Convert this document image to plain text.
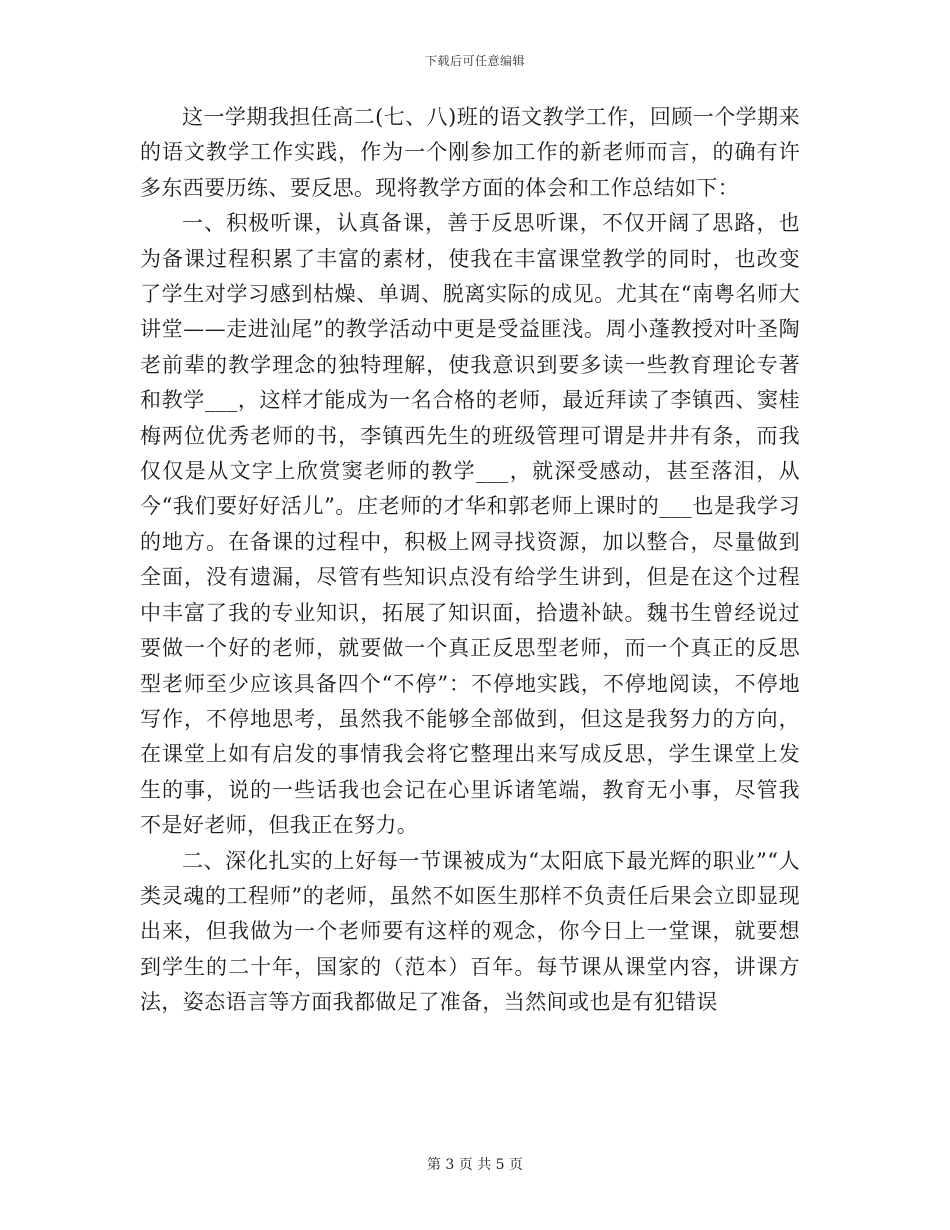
下载后可任意编辑

这一学期我担任高二(七、八)班的语文教学工作，回顾一个学期来的语文教学工作实践，作为一个刚参加工作的新老师而言，的确有许多东西要历练、要反思。现将教学方面的体会和工作总结如下：

一、积极听课，认真备课，善于反思听课，不仅开阔了思路，也为备课过程积累了丰富的素材，使我在丰富课堂教学的同时，也改变了学生对学习感到枯燥、单调、脱离实际的成见。尤其在“南粤名师大讲堂——走进汕尾”的教学活动中更是受益匪浅。周小蓬教授对叶圣陶老前辈的教学理念的独特理解，使我意识到要多读一些教育理论专著和教学___，这样才能成为一名合格的老师，最近拜读了李镇西、窦桂梅两位优秀老师的书，李镇西先生的班级管理可谓是井井有条，而我仅仅是从文字上欣赏窦老师的教学___，就深受感动，甚至落泪，从今“我们要好好活儿”。庄老师的才华和郭老师上课时的___也是我学习的地方。在备课的过程中，积极上网寻找资源，加以整合，尽量做到全面，没有遗漏，尽管有些知识点没有给学生讲到，但是在这个过程中丰富了我的专业知识，拓展了知识面，拾遗补缺。魏书生曾经说过要做一个好的老师，就要做一个真正反思型老师，而一个真正的反思型老师至少应该具备四个“不停”：不停地实践，不停地阅读，不停地写作，不停地思考，虽然我不能够全部做到，但这是我努力的方向，在课堂上如有启发的事情我会将它整理出来写成反思，学生课堂上发生的事，说的一些话我也会记在心里诉诸笔端，教育无小事，尽管我不是好老师，但我正在努力。

二、深化扎实的上好每一节课被成为“太阳底下最光辉的职业”“人类灵魂的工程师”的老师，虽然不如医生那样不负责任后果会立即显现出来，但我做为一个老师要有这样的观念，你今日上一堂课，就要想到学生的二十年，国家的（范本）百年。每节课从课堂内容，讲课方法，姿态语言等方面我都做足了准备，当然间或也是有犯错误

第 3 页 共 5 页
